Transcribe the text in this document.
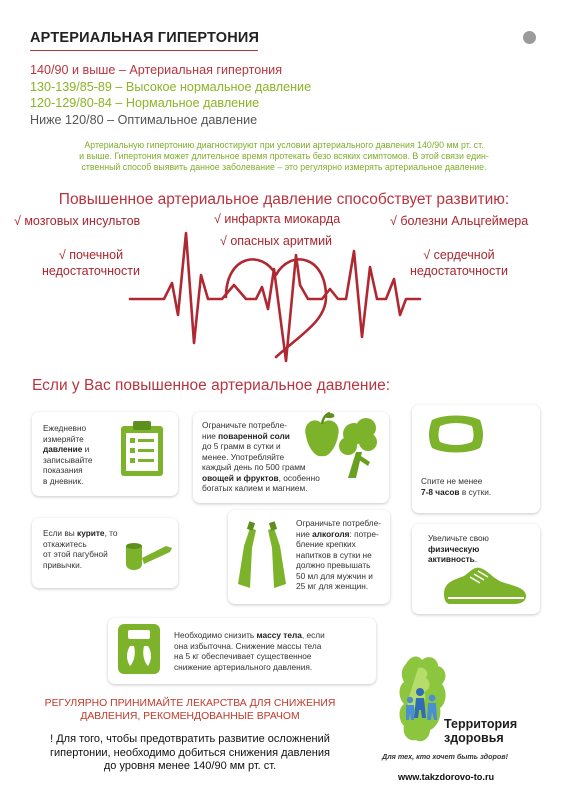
АРТЕРИАЛЬНАЯ ГИПЕРТОНИЯ
140/90 и выше – Артериальная гипертония
130-139/85-89 – Высокое нормальное давление
120-129/80-84 – Нормальное давление
Ниже 120/80 – Оптимальное давление
Артериальную гипертонию диагностируют при условии артериального давления 140/90 мм рт. ст.
и выше. Гипертония может длительное время протекать безо всяких симптомов. В этой связи един-
ственный способ выявить данное заболевание – это регулярно измерять артериальное давление.
Повышенное артериальное давление способствует развитию:
√ мозговых инсультов	√ инфаркта миокарда	√ болезни Альцгеймера
√ опасных аритмий
√ почечной
недостаточности
√ сердечной
недостаточности
Если у Вас повышенное артериальное давление:
Ежедневно
измеряйте
давление и
записывайте
показания
в дневник.
Ограничьте потребле-
ние поваренной соли
до 5 грамм в сутки и
менее. Употребляйте
каждый день по 500 грамм
овощей и фруктов, особенно
богатых калием и магнием.
Спите не менее
7-8 часов в сутки.
Если вы курите, то
откажитесь
от этой пагубной
привычки.
Ограничьте потребле-
ние алкоголя: потре-
бление крепких
напитков в сутки не
должно превышать
50 мл для мужчин и
25 мг для женщин.
Увеличьте свою
физическую
активность.
Необходимо снизить массу тела, если
она избыточна. Снижение массы тела
на 5 кг обеспечивает существенное
снижение артериального давления.
РЕГУЛЯРНО ПРИНИМАЙТЕ ЛЕКАРСТВА ДЛЯ СНИЖЕНИЯ
ДАВЛЕНИЯ, РЕКОМЕНДОВАННЫЕ ВРАЧОМ
! Для того, чтобы предотвратить развитие осложнений
гипертонии, необходимо добиться снижения давления
до уровня менее 140/90 мм рт. ст.
Территория
здоровья
Для тех, кто хочет быть здоров!
www.takzdorovo-to.ru
